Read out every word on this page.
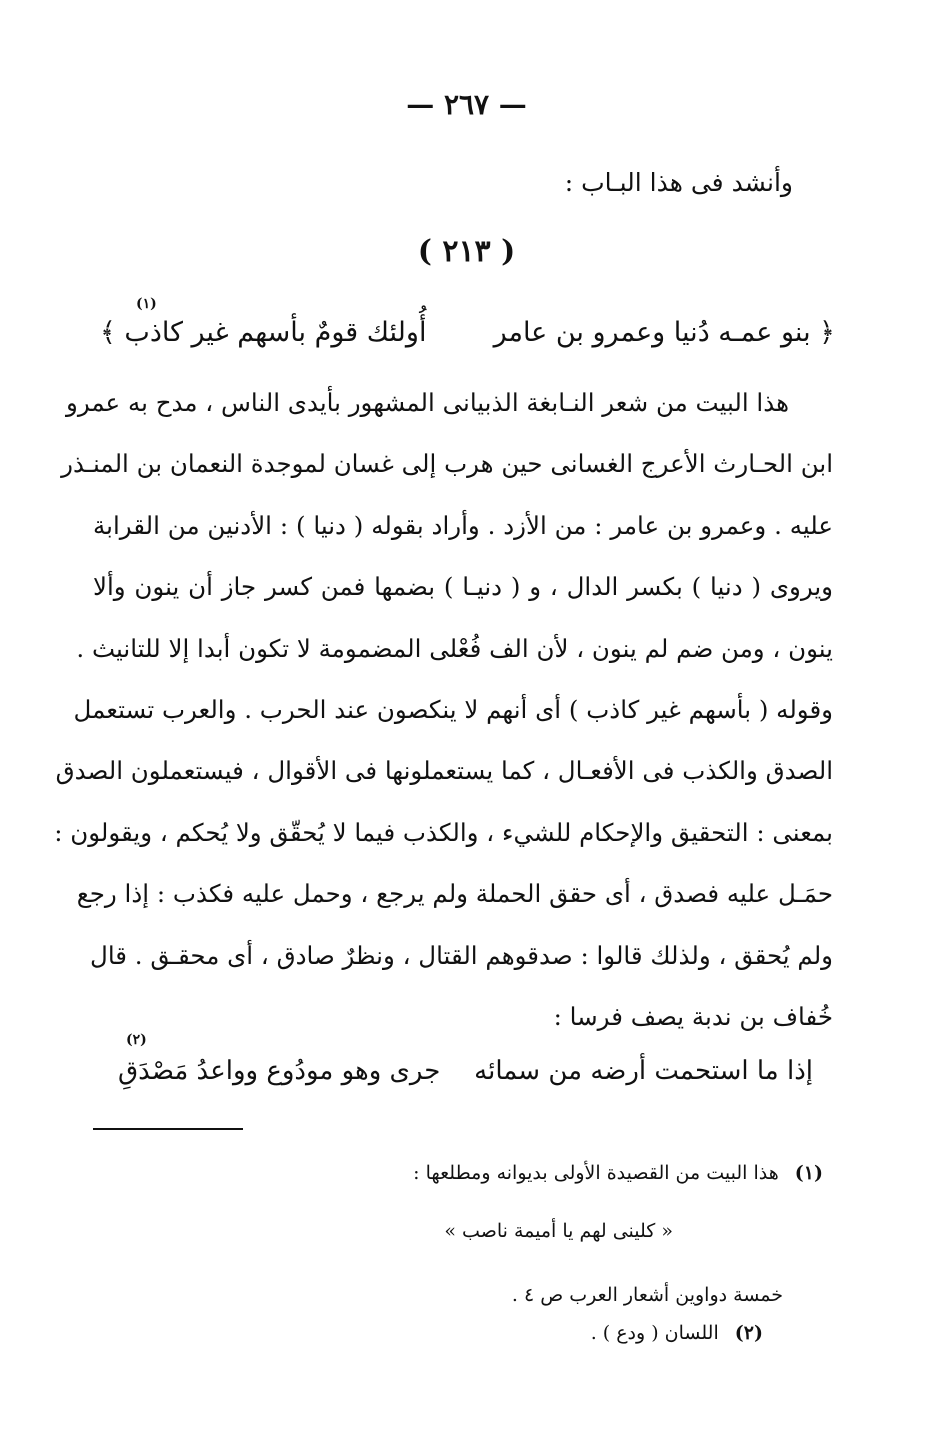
— ٢٦٧ —
وأنشد فى هذا البـاب :
( ٢١٣ )
﴿ بنو عمـه دُنيا وعمرو بن عامر
أُولئك قومٌ بأسهم غير كاذب ﴾
(١)
هذا البيت من شعر النـابغة الذبيانى المشهور بأيدى الناس ، مدح به عمرو
ابن الحـارث الأعرج الغسانى حين هرب إلى غسان لموجدة النعمان بن المنـذر
عليه . وعمرو بن عامر : من الأزد . وأراد بقوله ( دنيا ) : الأدنين من القرابة
ويروى ( دنيا ) بكسر الدال ، و ( دنيـا ) بضمها فمن كسر جاز أن ينون وألا
ينون ، ومن ضم لم ينون ، لأن الف فُعْلى المضمومة لا تكون أبدا إلا للتانيث .
وقوله ( بأسهم غير كاذب ) أى أنهم لا ينكصون عند الحرب . والعرب تستعمل
الصدق والكذب فى الأفعـال ، كما يستعملونها فى الأقوال ، فيستعملون الصدق
بمعنى : التحقيق والإحكام للشيء ، والكذب فيما لا يُحقّق ولا يُحكم ، ويقولون :
حمَـل عليه فصدق ، أى حقق الحملة ولم يرجع ، وحمل عليه فكذب : إذا رجع
ولم يُحقق ، ولذلك قالوا : صدقوهم القتال ، ونظرٌ صادق ، أى محقـق . قال
خُفاف بن ندبة يصف فرسا :
إذا ما استحمت أرضه من سمائه
جرى وهو مودُوع وواعدُ مَصْدَقِ
(٢)
(١) هذا البيت من القصيدة الأولى بديوانه ومطلعها :
« كلينى لهم يا أميمة ناصب »
خمسة دواوين أشعار العرب ص ٤ .
(٢) اللسان ( ودع ) .
